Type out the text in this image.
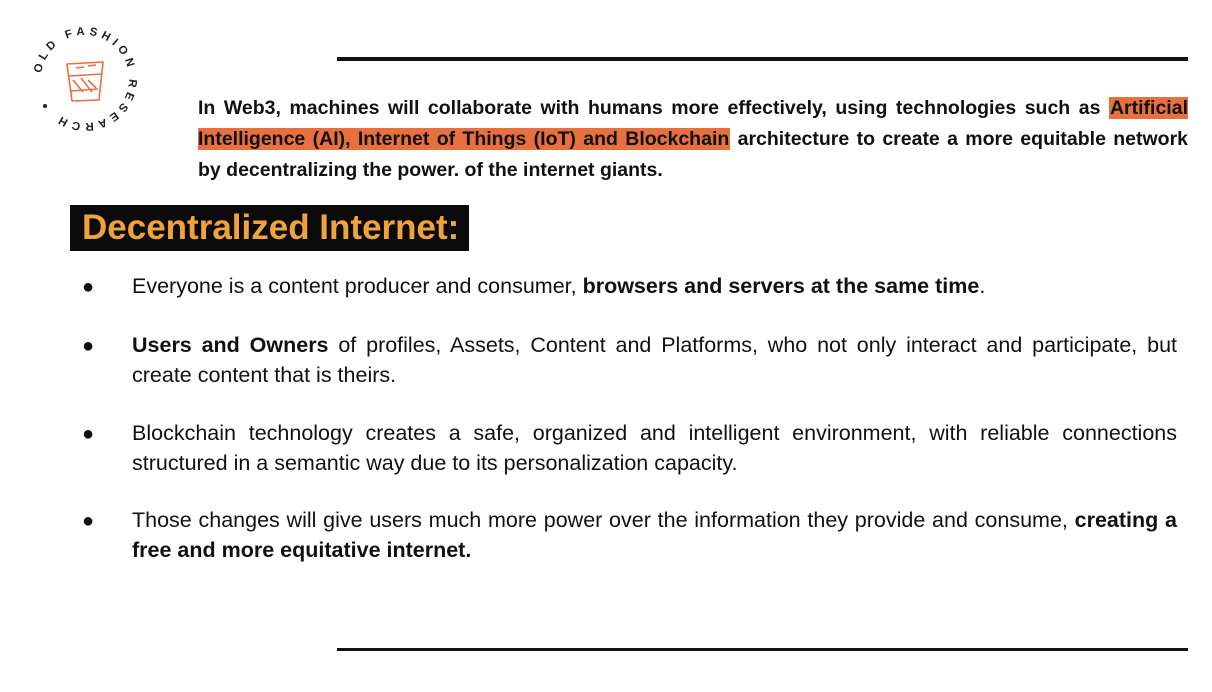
OLD FASHION RESEARCH
In Web3, machines will collaborate with humans more effectively, using technologies such as Artificial Intelligence (AI), Internet of Things (IoT) and Blockchain architecture to create a more equitable network by decentralizing the power. of the internet giants.
Decentralized Internet:
● Everyone is a content producer and consumer, browsers and servers at the same time.
● Users and Owners of profiles, Assets, Content and Platforms, who not only interact and participate, but create content that is theirs.
● Blockchain technology creates a safe, organized and intelligent environment, with reliable connections structured in a semantic way due to its personalization capacity.
● Those changes will give users much more power over the information they provide and consume, creating a free and more equitative internet.
